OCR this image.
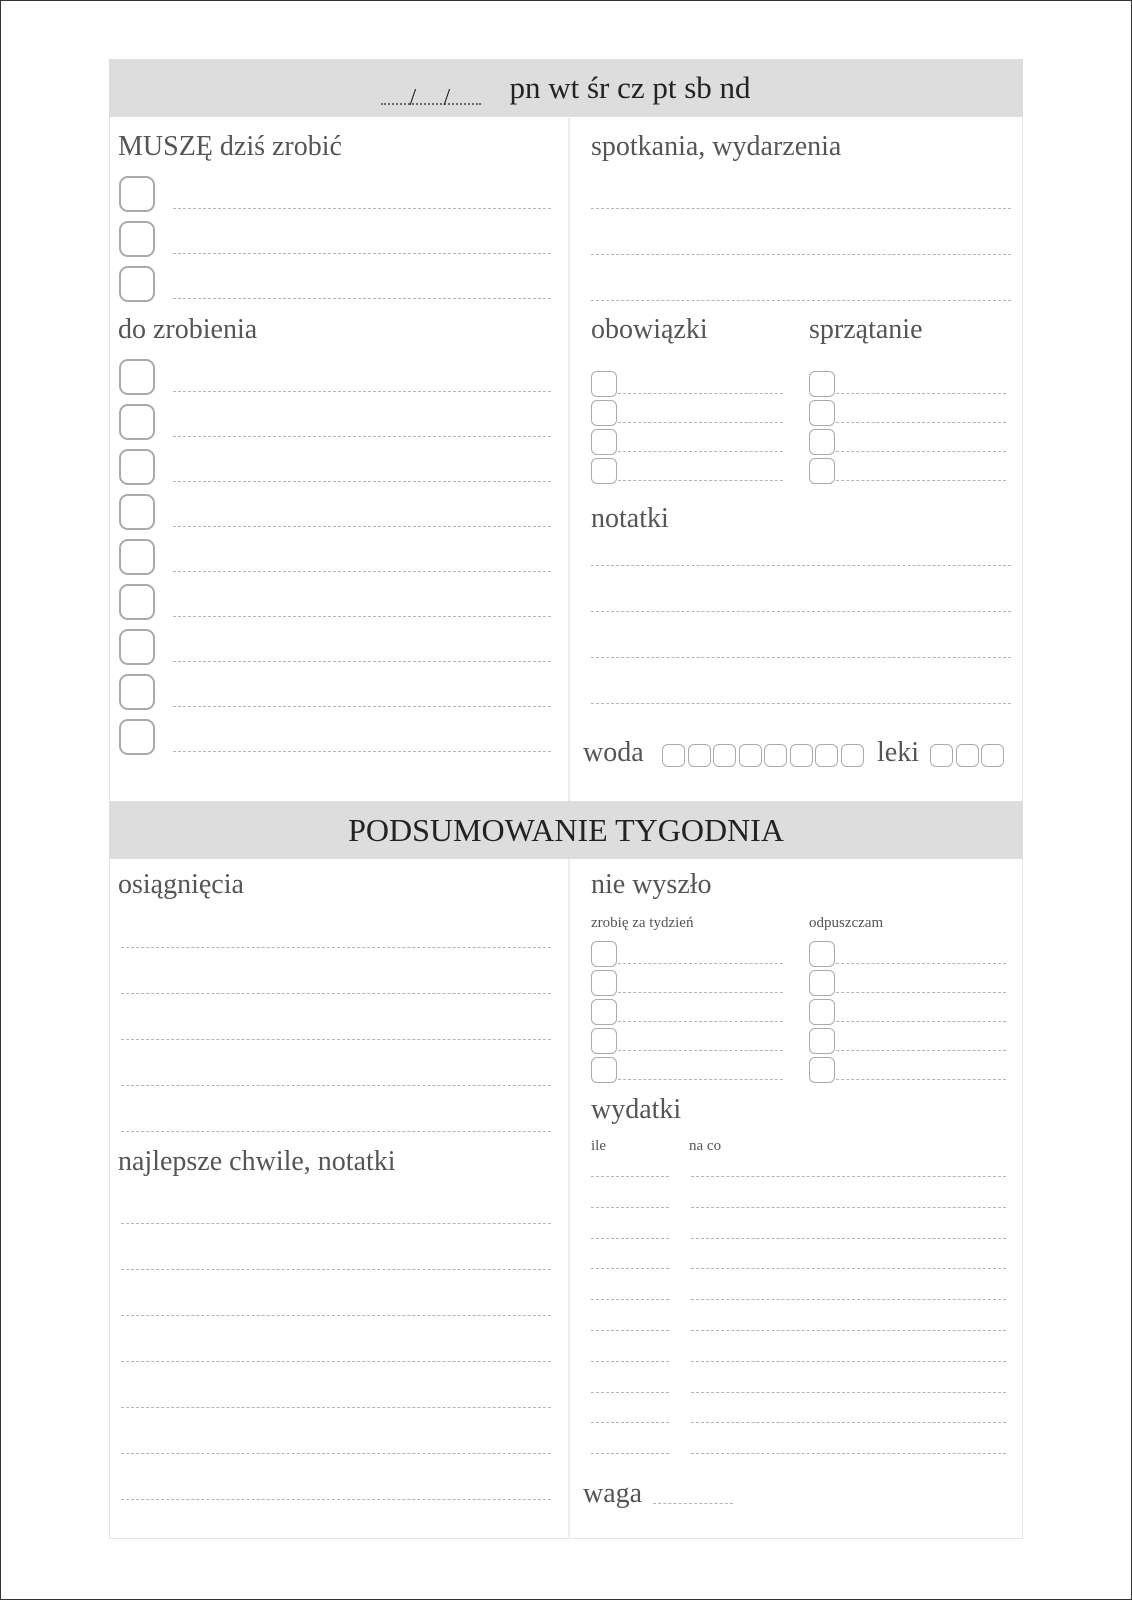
/ / pn wt śr cz pt sb nd
PODSUMOWANIE TYGODNIA
MUSZĘ dziś zrobić
do zrobienia
spotkania, wydarzenia
obowiązki	sprzątanie
notatki
woda	leki
osiągnięcia
najlepsze chwile, notatki
nie wyszło
zrobię za tydzień	odpuszczam
wydatki
ile	na co
waga
